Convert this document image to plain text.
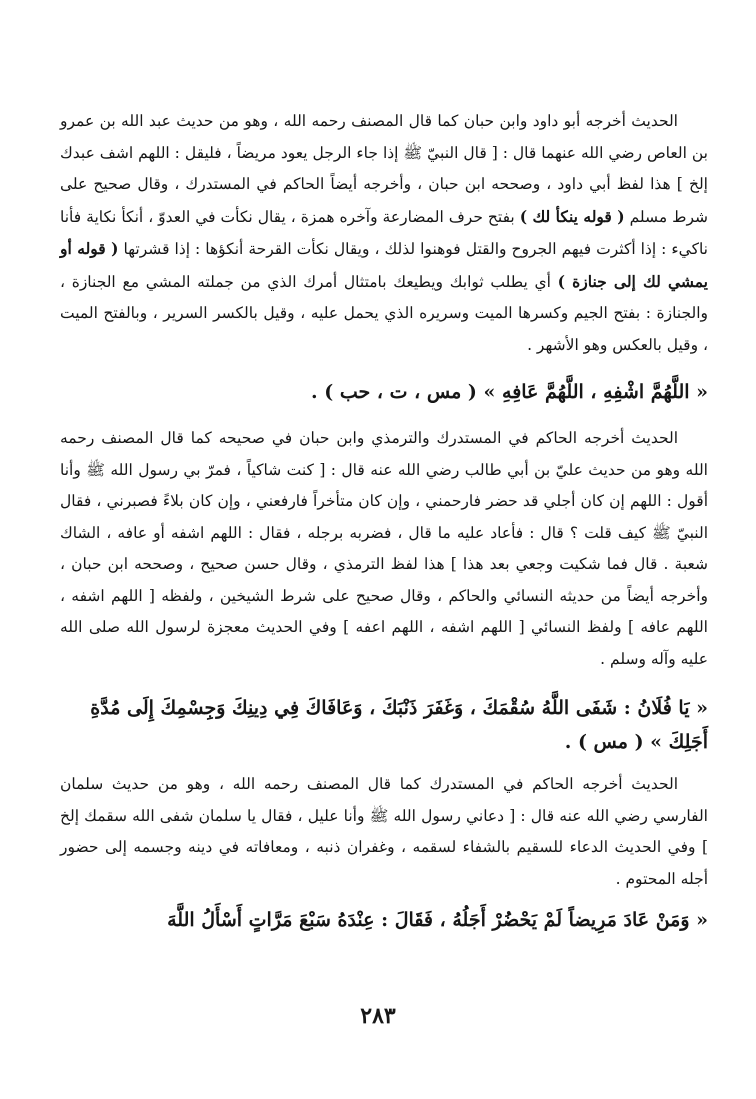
الحديث أخرجه أبو داود وابن حبان كما قال المصنف رحمه الله ، وهو من حديث عبد الله بن عمرو بن العاص رضي الله عنهما قال : [ قال النبيّ ﷺ إذا جاء الرجل يعود مريضاً ، فليقل : اللهم اشف عبدك إلخ ] هذا لفظ أبي داود ، وصححه ابن حبان ، وأخرجه أيضاً الحاكم في المستدرك ، وقال صحيح على شرط مسلم ( قوله ينكأ لك ) بفتح حرف المضارعة وآخره همزة ، يقال نكأت في العدوّ ، أنكأ نكاية فأنا ناكيء : إذا أكثرت فيهم الجروح والقتل فوهنوا لذلك ، ويقال نكأت القرحة أنكؤها : إذا قشرتها ( قوله أو يمشي لك إلى جنازة ) أي يطلب ثوابك ويطيعك بامتثال أمرك الذي من جملته المشي مع الجنازة ، والجنازة : بفتح الجيم وكسرها الميت وسريره الذي يحمل عليه ، وقيل بالكسر السرير ، وبالفتح الميت ، وقيل بالعكس وهو الأشهر .

« اللَّهُمَّ اشْفِهِ ، اللَّهُمَّ عَافِهِ » ( مس ، ت ، حب ) .

الحديث أخرجه الحاكم في المستدرك والترمذي وابن حبان في صحيحه كما قال المصنف رحمه الله وهو من حديث عليّ بن أبي طالب رضي الله عنه قال : [ كنت شاكياً ، فمرّ بي رسول الله ﷺ وأنا أقول : اللهم إن كان أجلي قد حضر فارحمني ، وإن كان متأخراً فارفعني ، وإن كان بلاءً فصبرني ، فقال النبيّ ﷺ كيف قلت ؟ قال : فأعاد عليه ما قال ، فضربه برجله ، فقال : اللهم اشفه أو عافه ، الشاك شعبة . قال فما شكيت وجعي بعد هذا ] هذا لفظ الترمذي ، وقال حسن صحيح ، وصححه ابن حبان ، وأخرجه أيضاً من حديثه النسائي والحاكم ، وقال صحيح على شرط الشيخين ، ولفظه [ اللهم اشفه ، اللهم عافه ] ولفظ النسائي [ اللهم اشفه ، اللهم اعفه ] وفي الحديث معجزة لرسول الله صلى الله عليه وآله وسلم .

« يَا فُلَانُ : شَفَى اللَّهُ سُقْمَكَ ، وَغَفَرَ ذَنْبَكَ ، وَعَافَاكَ فِي دِينِكَ وَجِسْمِكَ إِلَى مُدَّةِ أَجَلِكَ » ( مس ) .

الحديث أخرجه الحاكم في المستدرك كما قال المصنف رحمه الله ، وهو من حديث سلمان الفارسي رضي الله عنه قال : [ دعاني رسول الله ﷺ وأنا عليل ، فقال يا سلمان شفى الله سقمك إلخ ] وفي الحديث الدعاء للسقيم بالشفاء لسقمه ، وغفران ذنبه ، ومعافاته في دينه وجسمه إلى حضور أجله المحتوم .

« وَمَنْ عَادَ مَرِيضاً لَمْ يَحْضُرْ أَجَلُهُ ، فَقَالَ : عِنْدَهُ سَبْعَ مَرَّاتٍ أَسْأَلُ اللَّهَ

٢٨٣
